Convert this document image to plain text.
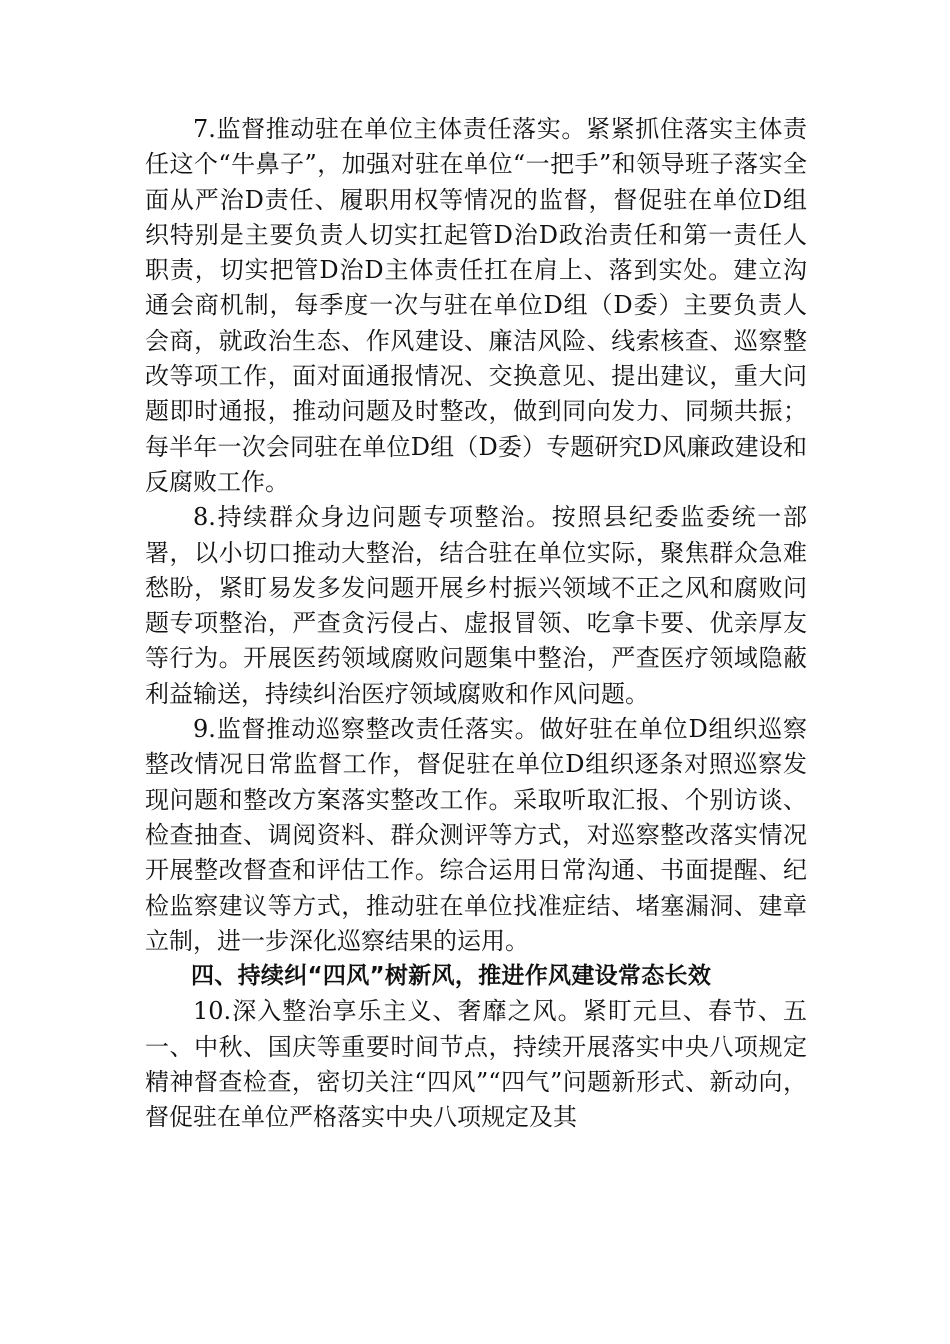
7.监督推动驻在单位主体责任落实。紧紧抓住落实主体责任这个“牛鼻子”，加强对驻在单位“一把手”和领导班子落实全面从严治D责任、履职用权等情况的监督，督促驻在单位D组织特别是主要负责人切实扛起管D治D政治责任和第一责任人职责，切实把管D治D主体责任扛在肩上、落到实处。建立沟通会商机制，每季度一次与驻在单位D组（D委）主要负责人会商，就政治生态、作风建设、廉洁风险、线索核查、巡察整改等项工作，面对面通报情况、交换意见、提出建议，重大问题即时通报，推动问题及时整改，做到同向发力、同频共振；每半年一次会同驻在单位D组（D委）专题研究D风廉政建设和反腐败工作。

8.持续群众身边问题专项整治。按照县纪委监委统一部署，以小切口推动大整治，结合驻在单位实际，聚焦群众急难愁盼，紧盯易发多发问题开展乡村振兴领域不正之风和腐败问题专项整治，严查贪污侵占、虚报冒领、吃拿卡要、优亲厚友等行为。开展医药领域腐败问题集中整治，严查医疗领域隐蔽利益输送，持续纠治医疗领域腐败和作风问题。

9.监督推动巡察整改责任落实。做好驻在单位D组织巡察整改情况日常监督工作，督促驻在单位D组织逐条对照巡察发现问题和整改方案落实整改工作。采取听取汇报、个别访谈、检查抽查、调阅资料、群众测评等方式，对巡察整改落实情况开展整改督查和评估工作。综合运用日常沟通、书面提醒、纪检监察建议等方式，推动驻在单位找准症结、堵塞漏洞、建章立制，进一步深化巡察结果的运用。

四、持续纠“四风”树新风，推进作风建设常态长效

10.深入整治享乐主义、奢靡之风。紧盯元旦、春节、五一、中秋、国庆等重要时间节点，持续开展落实中央八项规定精神督查检查，密切关注“四风”“四气”问题新形式、新动向，督促驻在单位严格落实中央八项规定及其
